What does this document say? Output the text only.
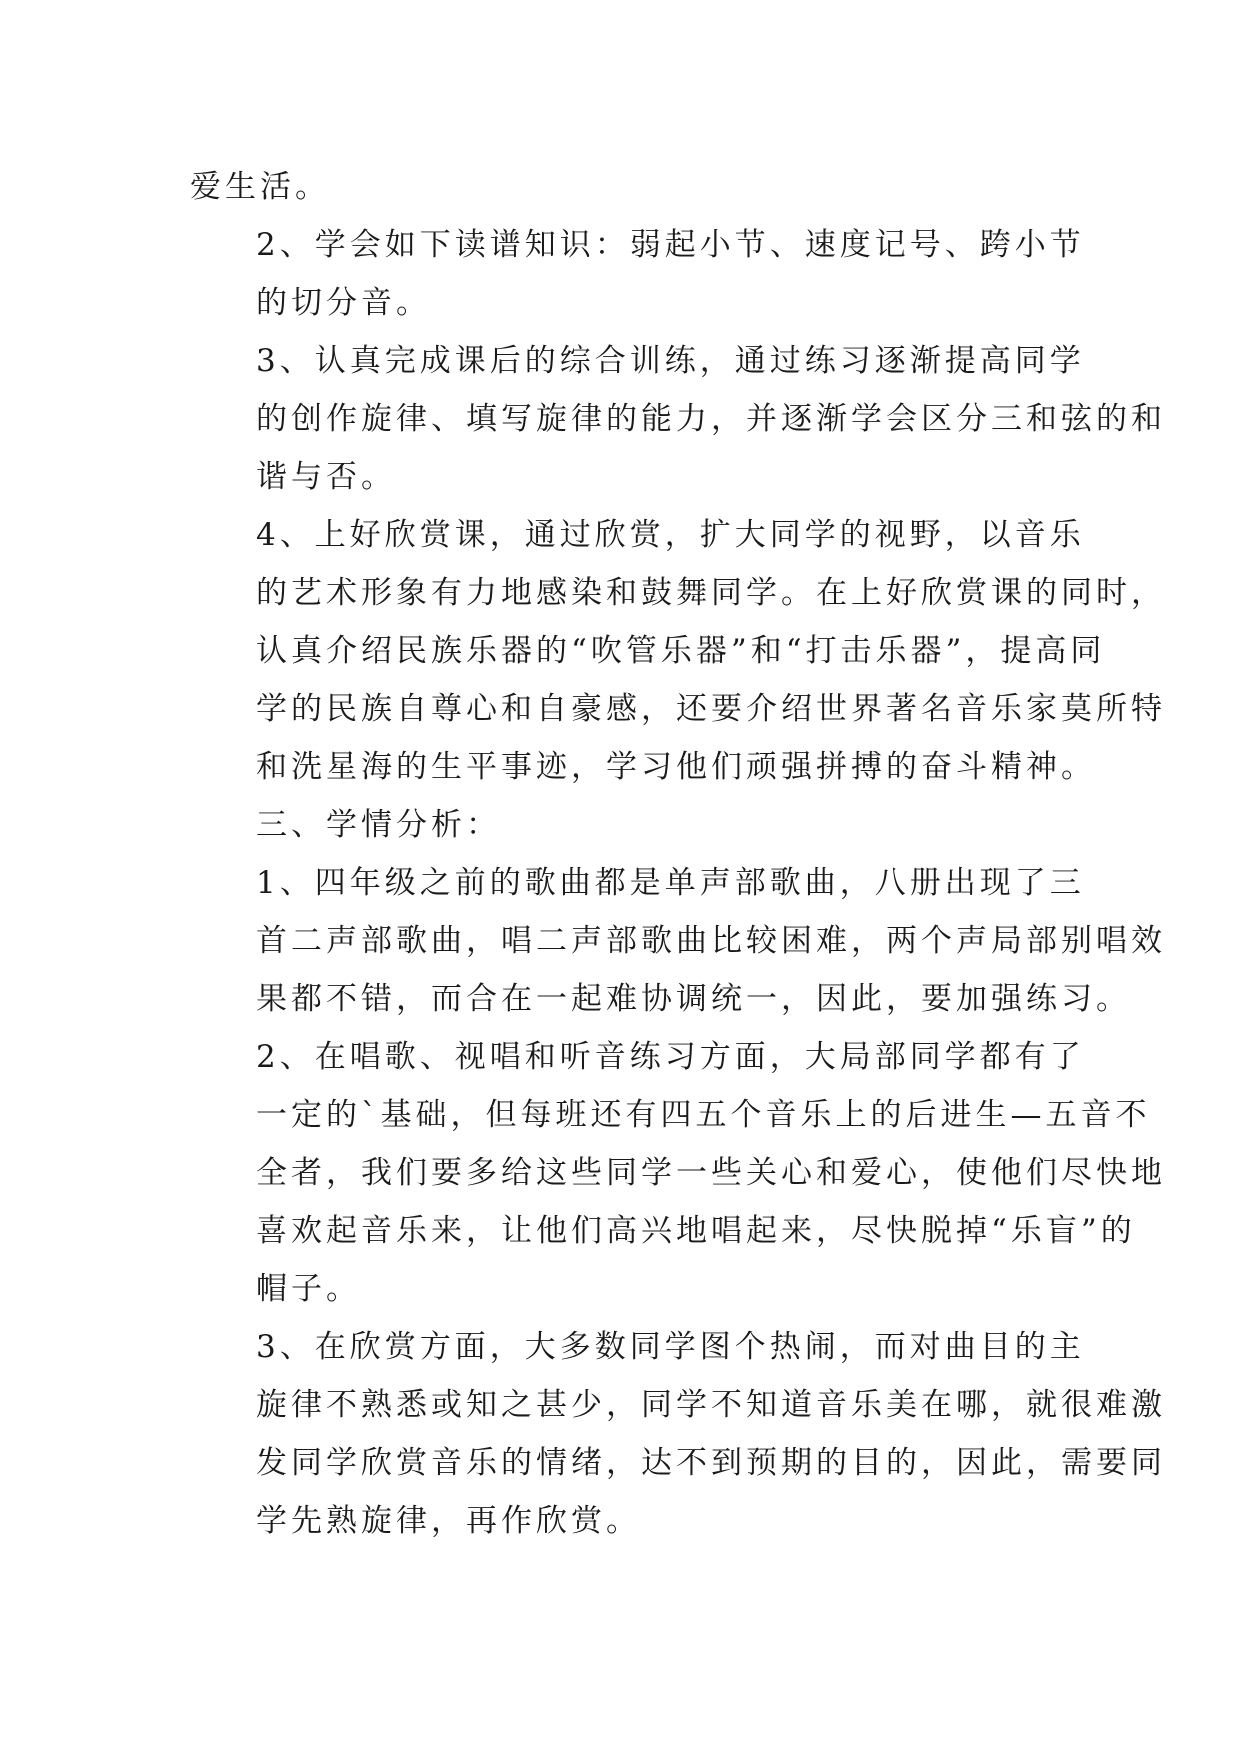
爱生活。
2、学会如下读谱知识：弱起小节、速度记号、跨小节
的切分音。
3、认真完成课后的综合训练，通过练习逐渐提高同学
的创作旋律、填写旋律的能力，并逐渐学会区分三和弦的和
谐与否。
4、上好欣赏课，通过欣赏，扩大同学的视野，以音乐
的艺术形象有力地感染和鼓舞同学。在上好欣赏课的同时，
认真介绍民族乐器的“吹管乐器”和“打击乐器”，提高同
学的民族自尊心和自豪感，还要介绍世界著名音乐家莫所特
和洗星海的生平事迹，学习他们顽强拼搏的奋斗精神。
三、学情分析：
1、四年级之前的歌曲都是单声部歌曲，八册出现了三
首二声部歌曲，唱二声部歌曲比较困难，两个声局部别唱效
果都不错，而合在一起难协调统一，因此，要加强练习。
2、在唱歌、视唱和听音练习方面，大局部同学都有了
一定的`基础，但每班还有四五个音乐上的后进生—五音不
全者，我们要多给这些同学一些关心和爱心，使他们尽快地
喜欢起音乐来，让他们高兴地唱起来，尽快脱掉“乐盲”的
帽子。
3、在欣赏方面，大多数同学图个热闹，而对曲目的主
旋律不熟悉或知之甚少，同学不知道音乐美在哪，就很难激
发同学欣赏音乐的情绪，达不到预期的目的，因此，需要同
学先熟旋律，再作欣赏。
